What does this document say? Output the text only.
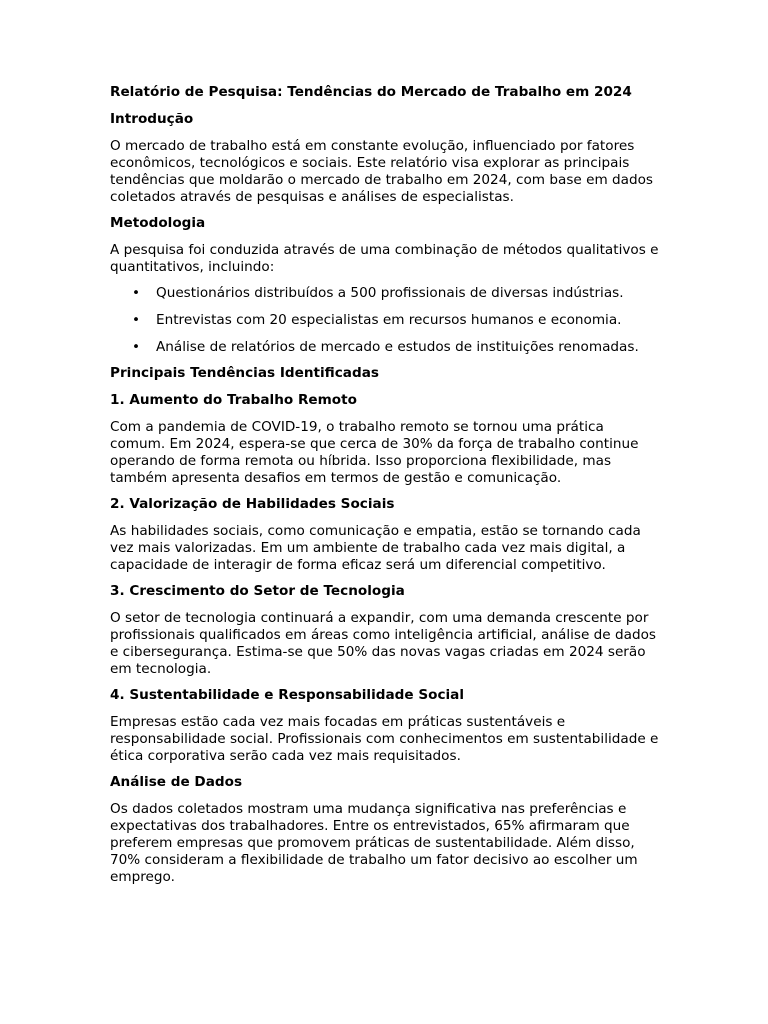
Relatório de Pesquisa: Tendências do Mercado de Trabalho em 2024
Introdução

O mercado de trabalho está em constante evolução, influenciado por fatores econômicos, tecnológicos e sociais. Este relatório visa explorar as principais tendências que moldarão o mercado de trabalho em 2024, com base em dados coletados através de pesquisas e análises de especialistas.

Metodologia

A pesquisa foi conduzida através de uma combinação de métodos qualitativos e quantitativos, incluindo:

• Questionários distribuídos a 500 profissionais de diversas indústrias.
• Entrevistas com 20 especialistas em recursos humanos e economia.
• Análise de relatórios de mercado e estudos de instituições renomadas.
Principais Tendências Identificadas
1. Aumento do Trabalho Remoto

Com a pandemia de COVID-19, o trabalho remoto se tornou uma prática comum. Em 2024, espera-se que cerca de 30% da força de trabalho continue operando de forma remota ou híbrida. Isso proporciona flexibilidade, mas também apresenta desafios em termos de gestão e comunicação.

2. Valorização de Habilidades Sociais

As habilidades sociais, como comunicação e empatia, estão se tornando cada vez mais valorizadas. Em um ambiente de trabalho cada vez mais digital, a capacidade de interagir de forma eficaz será um diferencial competitivo.

3. Crescimento do Setor de Tecnologia

O setor de tecnologia continuará a expandir, com uma demanda crescente por profissionais qualificados em áreas como inteligência artificial, análise de dados e cibersegurança. Estima-se que 50% das novas vagas criadas em 2024 serão em tecnologia.

4. Sustentabilidade e Responsabilidade Social

Empresas estão cada vez mais focadas em práticas sustentáveis e responsabilidade social. Profissionais com conhecimentos em sustentabilidade e ética corporativa serão cada vez mais requisitados.

Análise de Dados

Os dados coletados mostram uma mudança significativa nas preferências e expectativas dos trabalhadores. Entre os entrevistados, 65% afirmaram que preferem empresas que promovem práticas de sustentabilidade. Além disso, 70% consideram a flexibilidade de trabalho um fator decisivo ao escolher um emprego.
